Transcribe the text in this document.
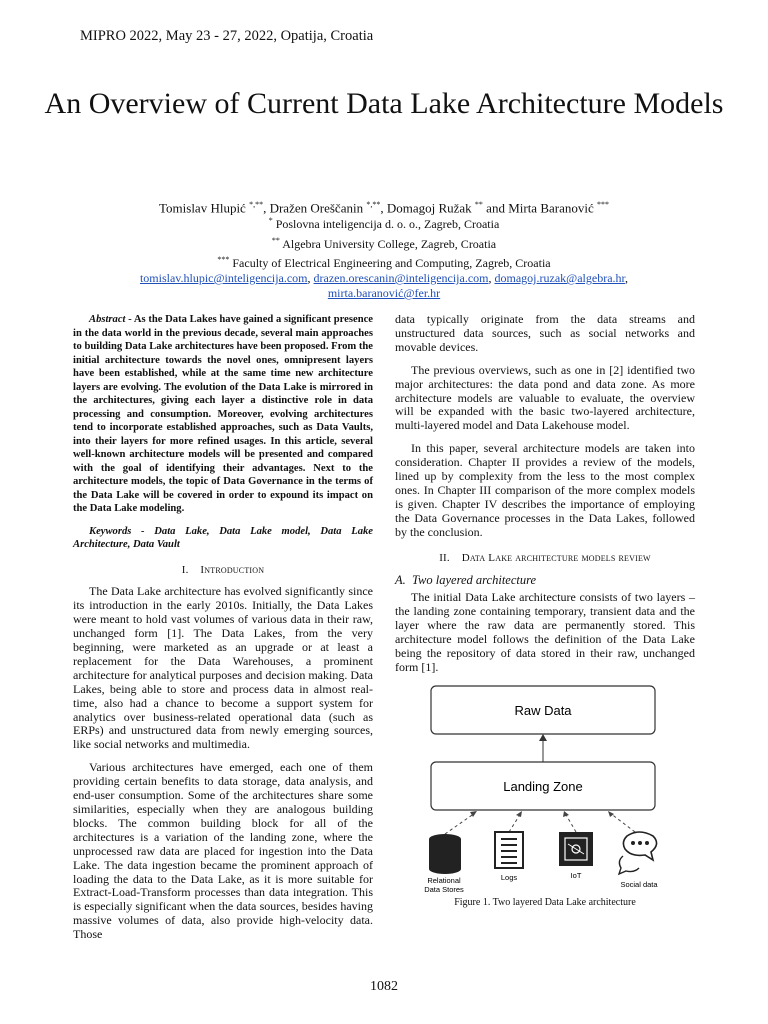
MIPRO 2022, May 23 - 27, 2022, Opatija, Croatia
An Overview of Current Data Lake Architecture Models
Tomislav Hlupić *,**, Dražen Oreščanin *,**, Domagoj Ružak ** and Mirta Baranović ***
* Poslovna inteligencija d. o. o., Zagreb, Croatia
** Algebra University College, Zagreb, Croatia
*** Faculty of Electrical Engineering and Computing, Zagreb, Croatia
tomislav.hlupic@inteligencija.com, drazen.orescanin@inteligencija.com, domagoj.ruzak@algebra.hr,
mirta.baranović@fer.hr

Abstract - As the Data Lakes have gained a significant presence in the data world in the previous decade, several main approaches to building Data Lake architectures have been proposed. From the initial architecture towards the novel ones, omnipresent layers have been established, while at the same time new architecture layers are evolving. The evolution of the Data Lake is mirrored in the architectures, giving each layer a distinctive role in data processing and consumption. Moreover, evolving architectures tend to incorporate established approaches, such as Data Vaults, into their layers for more refined usages. In this article, several well-known architecture models will be presented and compared with the goal of identifying their advantages. Next to the architecture models, the topic of Data Governance in the terms of the Data Lake will be covered in order to expound its impact on the Data Lake modeling.

Keywords - Data Lake, Data Lake model, Data Lake Architecture, Data Vault

I. Introduction

The Data Lake architecture has evolved significantly since its introduction in the early 2010s. Initially, the Data Lakes were meant to hold vast volumes of various data in their raw, unchanged form [1]. The Data Lakes, from the very beginning, were marketed as an upgrade or at least a replacement for the Data Warehouses, a prominent architecture for analytical purposes and decision making. Data Lakes, being able to store and process data in almost real-time, also had a chance to become a support system for analytics over business-related operational data (such as ERPs) and unstructured data from newly emerging sources, like social networks and multimedia.

Various architectures have emerged, each one of them providing certain benefits to data storage, data analysis, and end-user consumption. Some of the architectures share some similarities, especially when they are analogous building blocks. The common building block for all of the architectures is a variation of the landing zone, where the unprocessed raw data are placed for ingestion into the Data Lake. The data ingestion became the prominent approach of loading the data to the Data Lake, as it is more suitable for Extract-Load-Transform processes than data integration. This is especially significant when the data sources, besides having massive volumes of data, also provide high-velocity data. Those

data typically originate from the data streams and unstructured data sources, such as social networks and movable devices.

The previous overviews, such as one in [2] identified two major architectures: the data pond and data zone. As more architecture models are valuable to evaluate, the overview will be expanded with the basic two-layered architecture, multi-layered model and Data Lakehouse model.

In this paper, several architecture models are taken into consideration. Chapter II provides a review of the models, lined up by complexity from the less to the most complex ones. In Chapter III comparison of the more complex models is given. Chapter IV describes the importance of employing the Data Governance processes in the Data Lakes, followed by the conclusion.

II. Data Lake architecture models review

A. Two layered architecture

The initial Data Lake architecture consists of two layers – the landing zone containing temporary, transient data and the layer where the raw data are permanently stored. This architecture model follows the definition of the Data Lake being the repository of data stored in their raw, unchanged form [1].

Raw Data
Landing Zone
Relational
Data Stores
Logs	IoT
Social data
Figure 1. Two layered Data Lake architecture
1082
